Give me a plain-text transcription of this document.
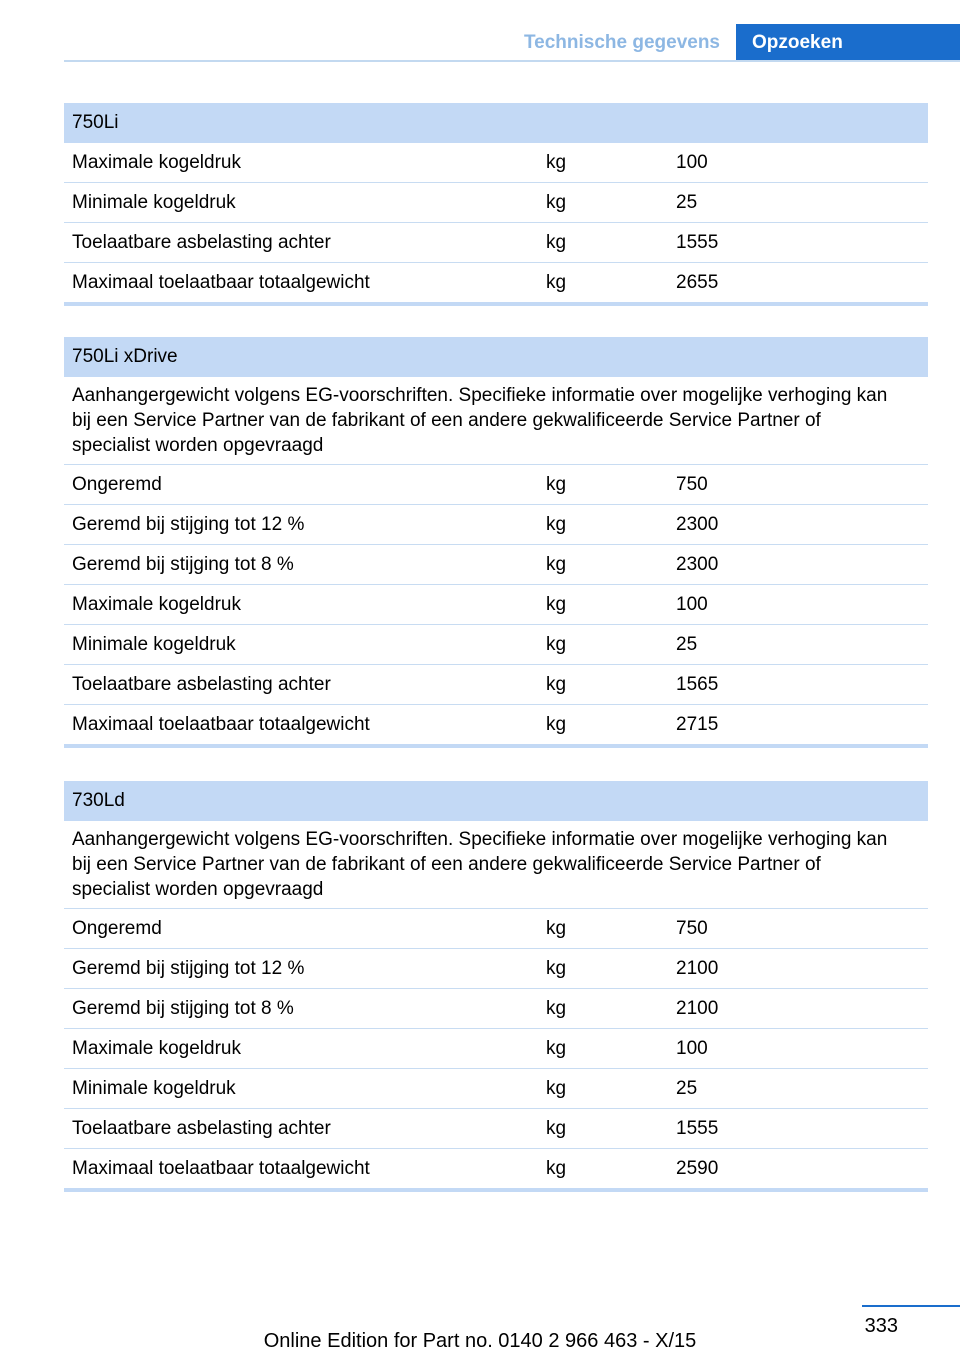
Technische gegevens	Opzoeken
750Li
Maximale kogeldruk	kg	100
Minimale kogeldruk	kg	25
Toelaatbare asbelasting achter	kg	1555
Maximaal toelaatbaar totaalgewicht	kg	2655
750Li xDrive
Aanhangergewicht volgens EG-voorschriften. Specifieke informatie over mogelijke verhoging kan bij een Service Partner van de fabrikant of een andere gekwalificeerde Service Partner of specialist worden opgevraagd
Ongeremd	kg	750
Geremd bij stijging tot 12 %	kg	2300
Geremd bij stijging tot 8 %	kg	2300
Maximale kogeldruk	kg	100
Minimale kogeldruk	kg	25
Toelaatbare asbelasting achter	kg	1565
Maximaal toelaatbaar totaalgewicht	kg	2715
730Ld
Aanhangergewicht volgens EG-voorschriften. Specifieke informatie over mogelijke verhoging kan bij een Service Partner van de fabrikant of een andere gekwalificeerde Service Partner of specialist worden opgevraagd
Ongeremd	kg	750
Geremd bij stijging tot 12 %	kg	2100
Geremd bij stijging tot 8 %	kg	2100
Maximale kogeldruk	kg	100
Minimale kogeldruk	kg	25
Toelaatbare asbelasting achter	kg	1555
Maximaal toelaatbaar totaalgewicht	kg	2590
333
Online Edition for Part no. 0140 2 966 463 - X/15
